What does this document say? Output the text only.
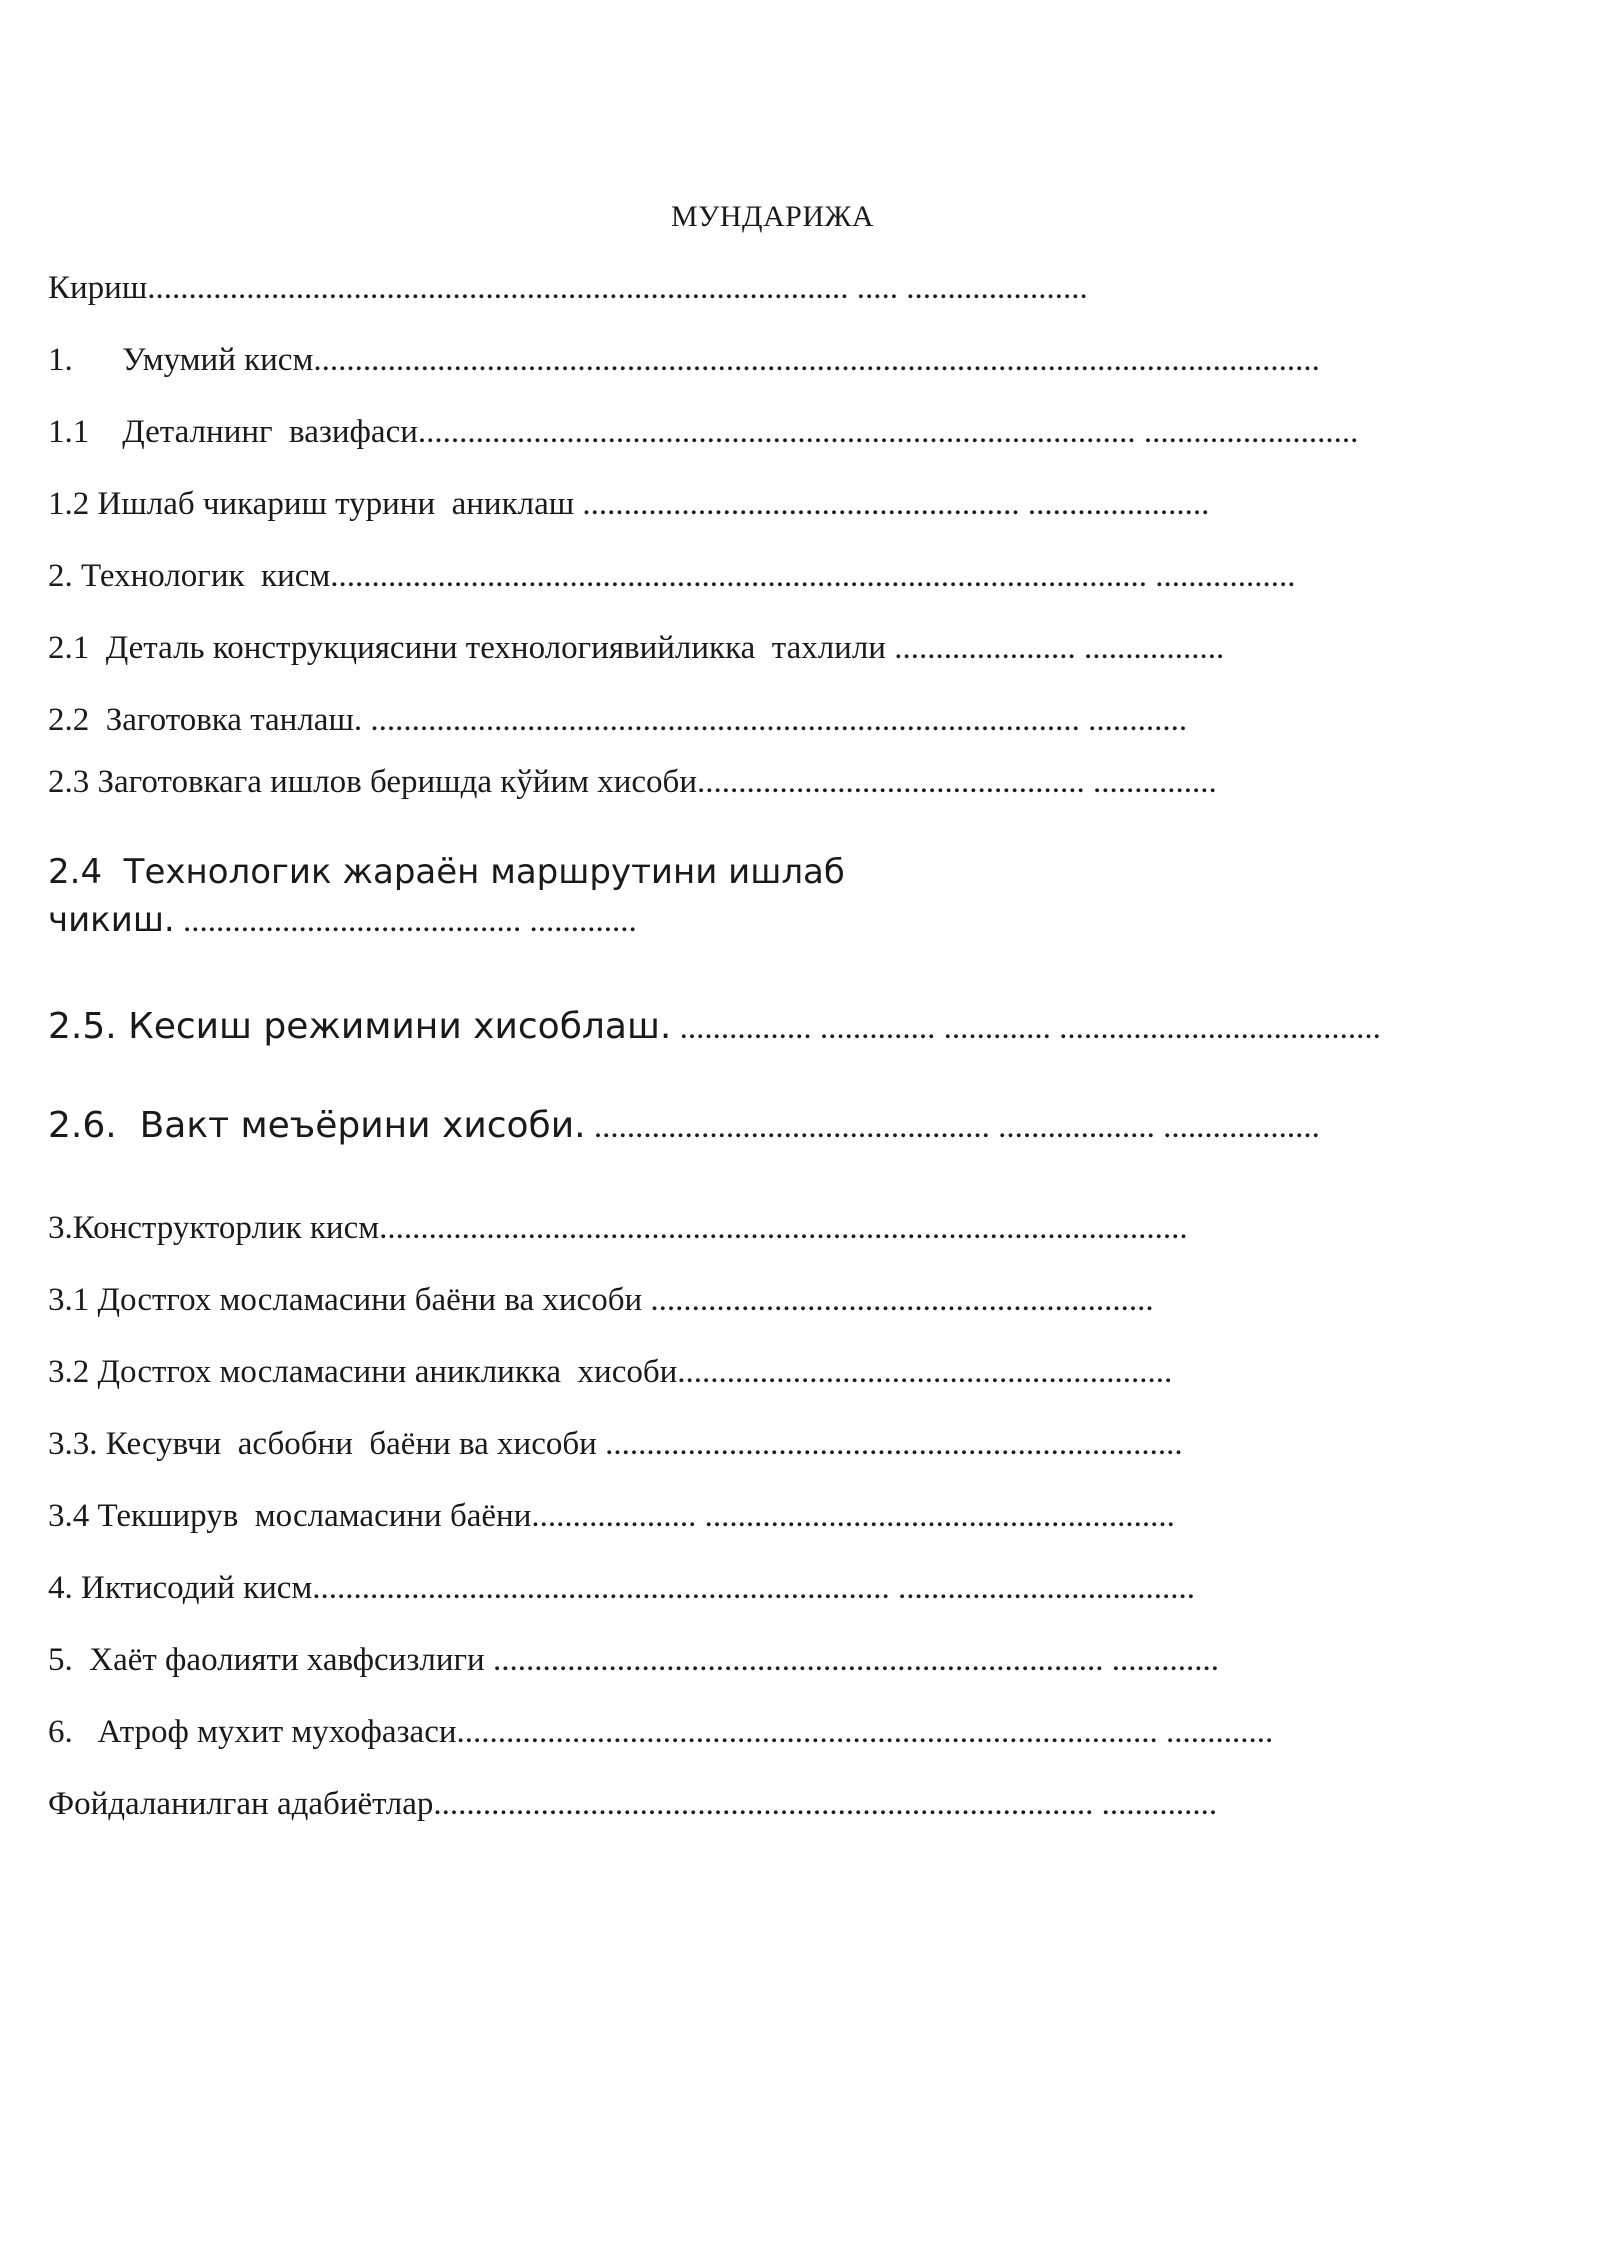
МУНДАРИЖА
Кириш..................................................................................... ..... ......................
1.      Умумий кисм..........................................................................................................................
1.1    Деталнинг  вазифаси....................................................................................... ..........................
1.2 Ишлаб чикариш турини  аниклаш ..................................................... ......................
2. Технологик  кисм................................................................................................... .................
2.1  Деталь конструкциясини технологиявийликка  тахлили ...................... .................
2.2  Заготовка танлаш. ...................................................................................... ............
2.3 Заготовкага ишлов беришда кўйим хисоби............................................... ...............
2.4  Технологик жараён маршрутини ишлаб
чикиш. ......................................... .............
2.5. Кесиш режимини хисоблаш. ................ .............. ............. .......................................
2.6.  Вакт меъёрини хисоби. ................................................ ................... ...................
3.Конструкторлик кисм..................................................................................................
3.1 Достгох мосламасини баёни ва хисоби .............................................................
3.2 Достгох мосламасини аникликка  хисоби............................................................
3.3. Кесувчи  асбобни  баёни ва хисоби ......................................................................
3.4 Текширув  мосламасини баёни.................... .........................................................
4. Иктисодий кисм...................................................................... ....................................
5.  Хаёт фаолияти хавфсизлиги .......................................................................... .............
6.   Атроф мухит мухофазаси..................................................................................... .............
Фойдаланилган адабиётлар................................................................................ ..............
